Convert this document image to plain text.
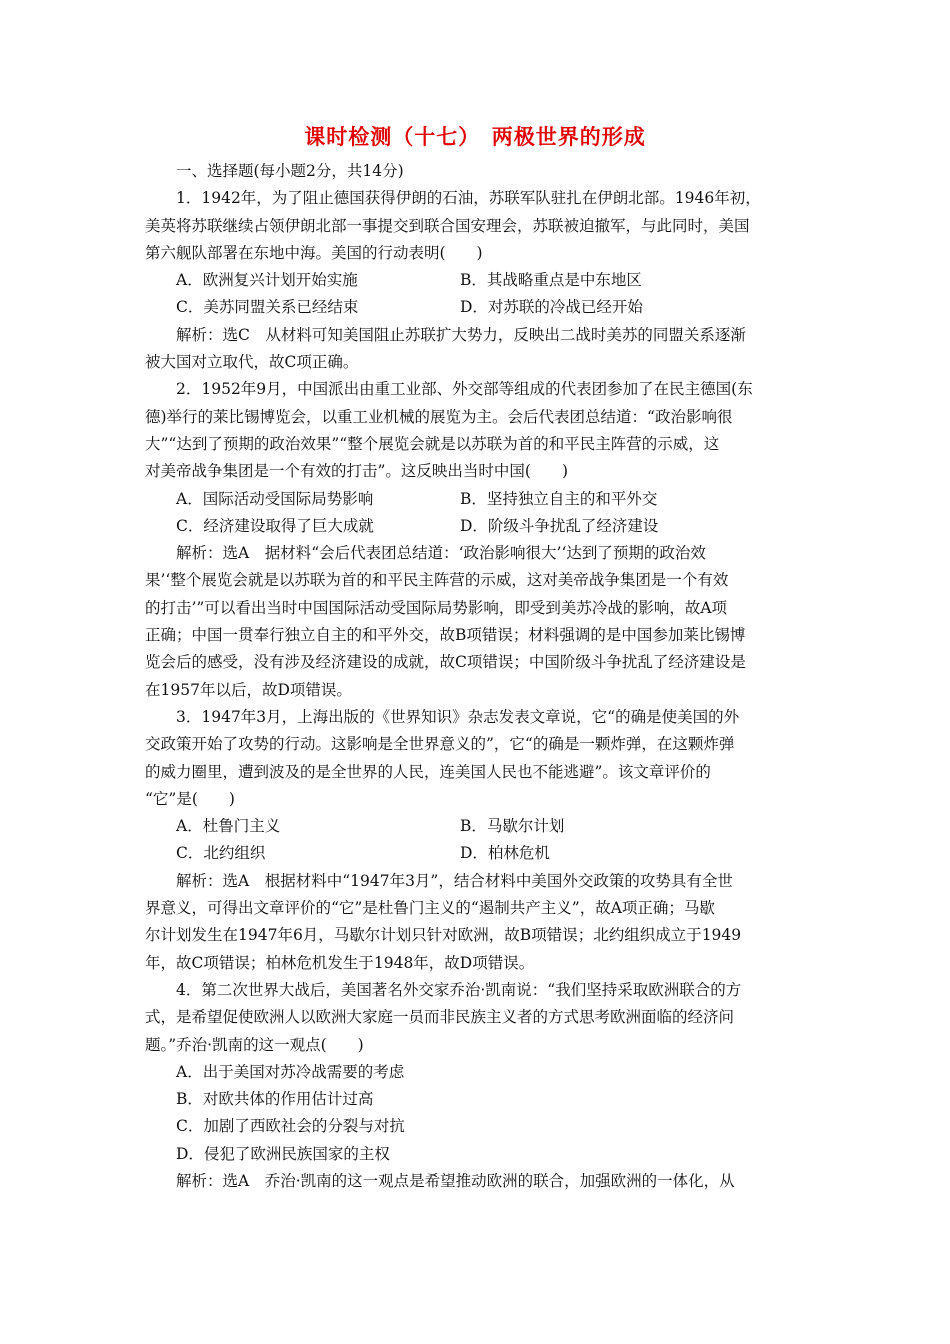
课时检测（十七）　两极世界的形成
一、选择题(每小题2分，共14分)
1．1942年，为了阻止德国获得伊朗的石油，苏联军队驻扎在伊朗北部。1946年初，
美英将苏联继续占领伊朗北部一事提交到联合国安理会，苏联被迫撤军，与此同时，美国
第六舰队部署在东地中海。美国的行动表明(　　)
A．欧洲复兴计划开始实施	B．其战略重点是中东地区
C．美苏同盟关系已经结束	D．对苏联的冷战已经开始
解析：选C　从材料可知美国阻止苏联扩大势力，反映出二战时美苏的同盟关系逐渐
被大国对立取代，故C项正确。
2．1952年9月，中国派出由重工业部、外交部等组成的代表团参加了在民主德国(东
德)举行的莱比锡博览会，以重工业机械的展览为主。会后代表团总结道：“政治影响很
大”“达到了预期的政治效果”“整个展览会就是以苏联为首的和平民主阵营的示威，这
对美帝战争集团是一个有效的打击”。这反映出当时中国(　　)
A．国际活动受国际局势影响	B．坚持独立自主的和平外交
C．经济建设取得了巨大成就	D．阶级斗争扰乱了经济建设
解析：选A　据材料“会后代表团总结道：‘政治影响很大’‘达到了预期的政治效
果’‘整个展览会就是以苏联为首的和平民主阵营的示威，这对美帝战争集团是一个有效
的打击’”可以看出当时中国国际活动受国际局势影响，即受到美苏冷战的影响，故A项
正确；中国一贯奉行独立自主的和平外交，故B项错误；材料强调的是中国参加莱比锡博
览会后的感受，没有涉及经济建设的成就，故C项错误；中国阶级斗争扰乱了经济建设是
在1957年以后，故D项错误。
3．1947年3月，上海出版的《世界知识》杂志发表文章说，它“的确是使美国的外
交政策开始了攻势的行动。这影响是全世界意义的”，它“的确是一颗炸弹，在这颗炸弹
的威力圈里，遭到波及的是全世界的人民，连美国人民也不能逃避”。该文章评价的
“它”是(　　)
A．杜鲁门主义	B．马歇尔计划
C．北约组织	D．柏林危机
解析：选A　根据材料中“1947年3月”，结合材料中美国外交政策的攻势具有全世
界意义，可得出文章评价的“它”是杜鲁门主义的“遏制共产主义”，故A项正确；马歇
尔计划发生在1947年6月，马歇尔计划只针对欧洲，故B项错误；北约组织成立于1949
年，故C项错误；柏林危机发生于1948年，故D项错误。
4．第二次世界大战后，美国著名外交家乔治·凯南说：“我们坚持采取欧洲联合的方
式，是希望促使欧洲人以欧洲大家庭一员而非民族主义者的方式思考欧洲面临的经济问
题。”乔治·凯南的这一观点(　　)
A．出于美国对苏冷战需要的考虑
B．对欧共体的作用估计过高
C．加剧了西欧社会的分裂与对抗
D．侵犯了欧洲民族国家的主权
解析：选A　乔治·凯南的这一观点是希望推动欧洲的联合，加强欧洲的一体化，从
